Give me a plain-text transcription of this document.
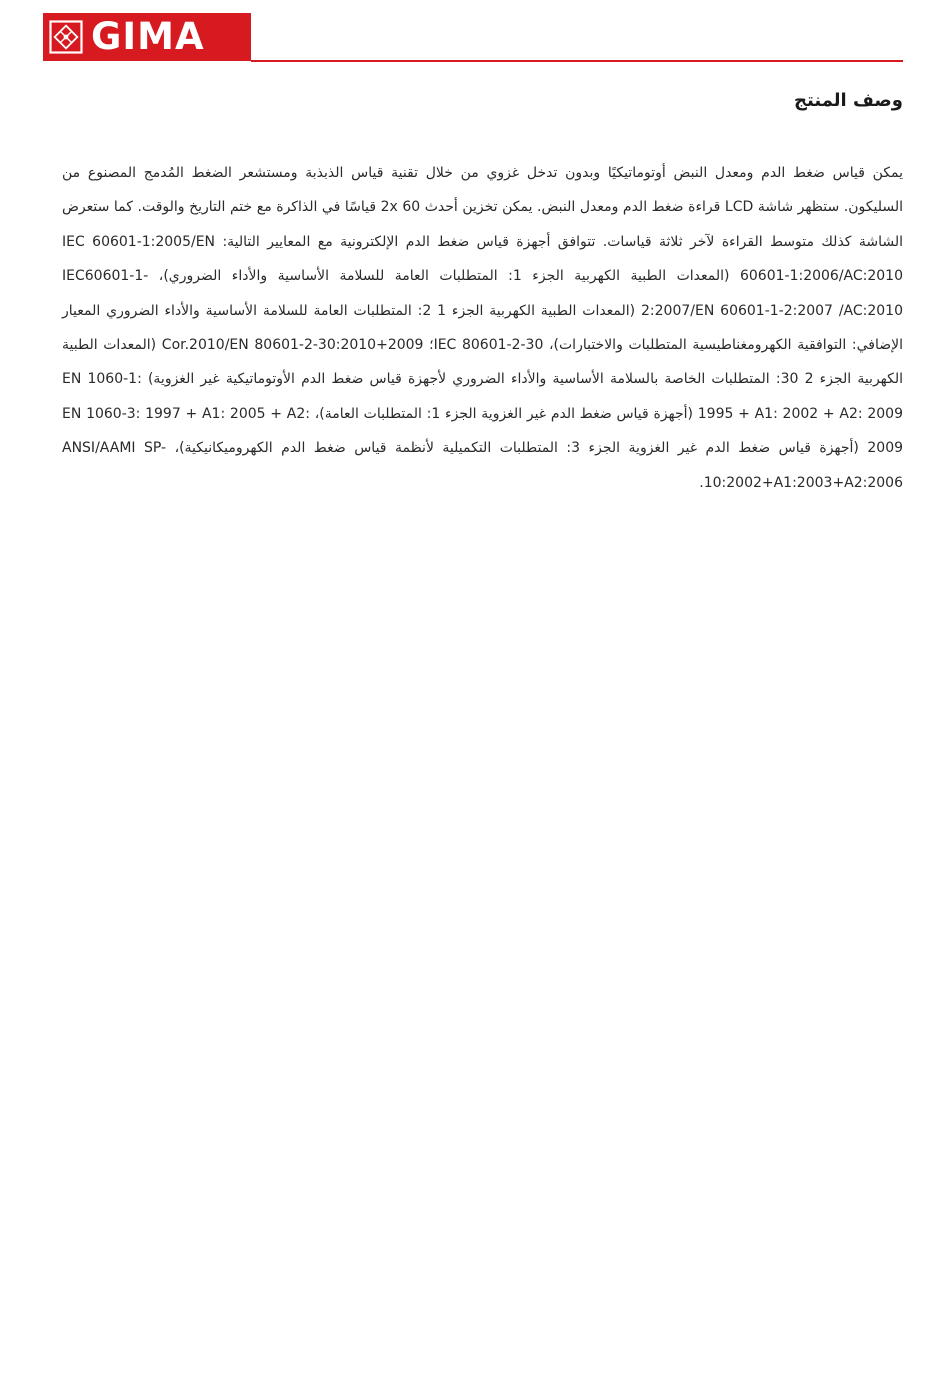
GIMA
وصف المنتج

يمكن قياس ضغط الدم ومعدل النبض أوتوماتيكيًا وبدون تدخل غزوي من خلال تقنية قياس الذبذبة ومستشعر الضغط المُدمج المصنوع من السليكون. ستظهر شاشة LCD قراءة ضغط الدم ومعدل النبض. يمكن تخزين أحدث 60 2x قياسًا في الذاكرة مع ختم التاريخ والوقت. كما ستعرض الشاشة كذلك متوسط القراءة لآخر ثلاثة قياسات. تتوافق أجهزة قياس ضغط الدم الإلكترونية مع المعايير التالية: IEC 60601-1:2005/EN 60601-1:2006/AC:2010 (المعدات الطبية الكهربية الجزء 1: المتطلبات العامة للسلامة الأساسية والأداء الضروري)، IEC60601-1-2:2007/EN 60601-1-2:2007 /AC:2010 (المعدات الطبية الكهربية الجزء 1 2: المتطلبات العامة للسلامة الأساسية والأداء الضروري المعيار الإضافي: التوافقية الكهرومغناطيسية المتطلبات والاختبارات)، IEC 80601-2-30؛ 2009+Cor.2010/EN 80601-2-30:2010 (المعدات الطبية الكهربية الجزء 2 30: المتطلبات الخاصة بالسلامة الأساسية والأداء الضروري لأجهزة قياس ضغط الدم الأوتوماتيكية غير الغزوية) EN 1060-1: 1995 + A1: 2002 + A2: 2009 (أجهزة قياس ضغط الدم غير الغزوية الجزء 1: المتطلبات العامة)، EN 1060-3: 1997 + A1: 2005 + A2: 2009 (أجهزة قياس ضغط الدم غير الغزوية الجزء 3: المتطلبات التكميلية لأنظمة قياس ضغط الدم الكهروميكانيكية)، ANSI/AAMI SP-10:2002+A1:2003+A2:2006.
